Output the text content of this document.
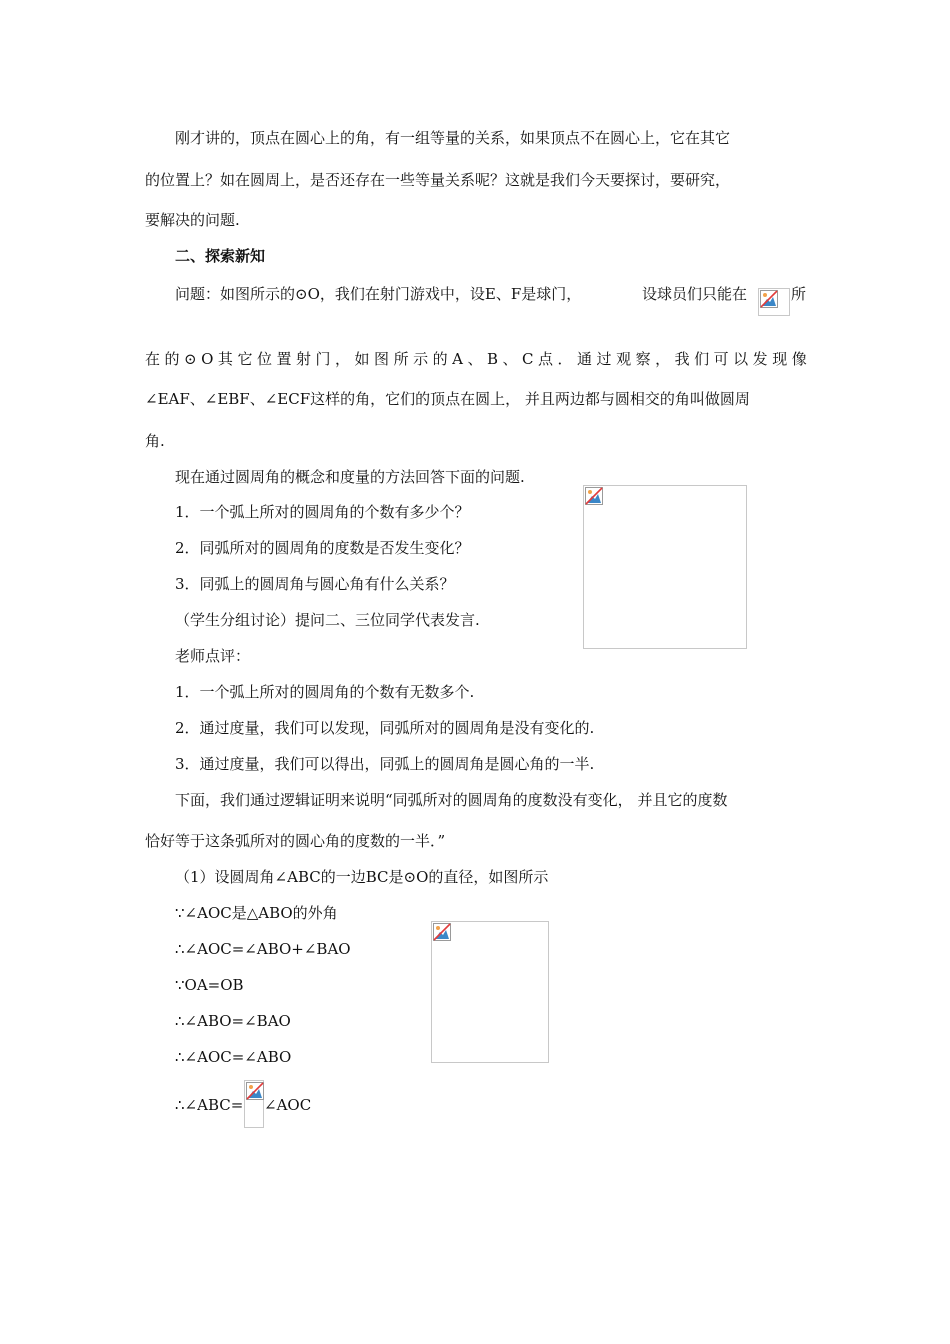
刚才讲的，顶点在圆心上的角，有一组等量的关系，如果顶点不在圆心上，它在其它
的位置上？如在圆周上，是否还存在一些等量关系呢？这就是我们今天要探讨，要研究，
要解决的问题.
二、探索新知
问题：如图所示的⊙O，我们在射门游戏中，设E、F是球门，	设球员们只能在	所
在 的 ⊙ O 其 它 位 置 射 门 ， 如 图 所 示 的 A 、 B 、 C 点 ． 通 过 观 察 ， 我 们 可 以 发 现 像
∠EAF、∠EBF、∠ECF这样的角，它们的顶点在圆上， 并且两边都与圆相交的角叫做圆周
角.
现在通过圆周角的概念和度量的方法回答下面的问题.
1．一个弧上所对的圆周角的个数有多少个？
2．同弧所对的圆周角的度数是否发生变化？
3．同弧上的圆周角与圆心角有什么关系？
（学生分组讨论）提问二、三位同学代表发言.
老师点评：
1．一个弧上所对的圆周角的个数有无数多个.
2．通过度量，我们可以发现，同弧所对的圆周角是没有变化的.
3．通过度量，我们可以得出，同弧上的圆周角是圆心角的一半.
下面，我们通过逻辑证明来说明“同弧所对的圆周角的度数没有变化， 并且它的度数
恰好等于这条弧所对的圆心角的度数的一半．”
（1）设圆周角∠ABC的一边BC是⊙O的直径，如图所示
∵∠AOC是△ABO的外角
∴∠AOC=∠ABO+∠BAO
∵OA=OB
∴∠ABO=∠BAO
∴∠AOC=∠ABO
∴∠ABC= ∠AOC
